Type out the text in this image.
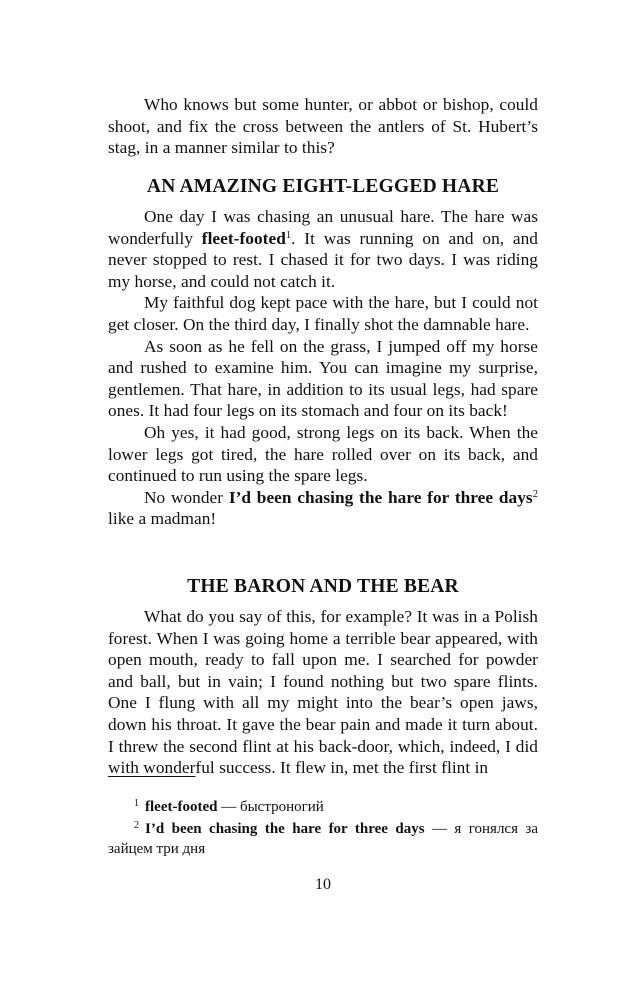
Who knows but some hunter, or abbot or bishop, could shoot, and fix the cross between the antlers of St. Hubert’s stag, in a manner similar to this?

AN AMAZING EIGHT-LEGGED HARE

One day I was chasing an unusual hare. The hare was wonderfully fleet-footed$^1$. It was running on and on, and never stopped to rest. I chased it for two days. I was riding my horse, and could not catch it.

My faithful dog kept pace with the hare, but I could not get closer. On the third day, I finally shot the damnable hare.

As soon as he fell on the grass, I jumped off my horse and rushed to examine him. You can imagine my surprise, gentlemen. That hare, in addition to its usual legs, had spare ones. It had four legs on its stomach and four on its back!

Oh yes, it had good, strong legs on its back. When the lower legs got tired, the hare rolled over on its back, and continued to run using the spare legs.

No wonder I’d been chasing the hare for three days$^2$ like a madman!

THE BARON AND THE BEAR

What do you say of this, for example? It was in a Polish forest. When I was going home a terrible bear appeared, with open mouth, ready to fall upon me. I searched for powder and ball, but in vain; I found nothing but two spare flints. One I flung with all my might into the bear’s open jaws, down his throat. It gave the bear pain and made it turn about. I threw the second flint at his back-door, which, indeed, I did with wonderful success. It flew in, met the first flint in

$^1$ fleet-footed — быстроногий

$^2$ I’d been chasing the hare for three days — я гонялся за зайцем три дня

10
